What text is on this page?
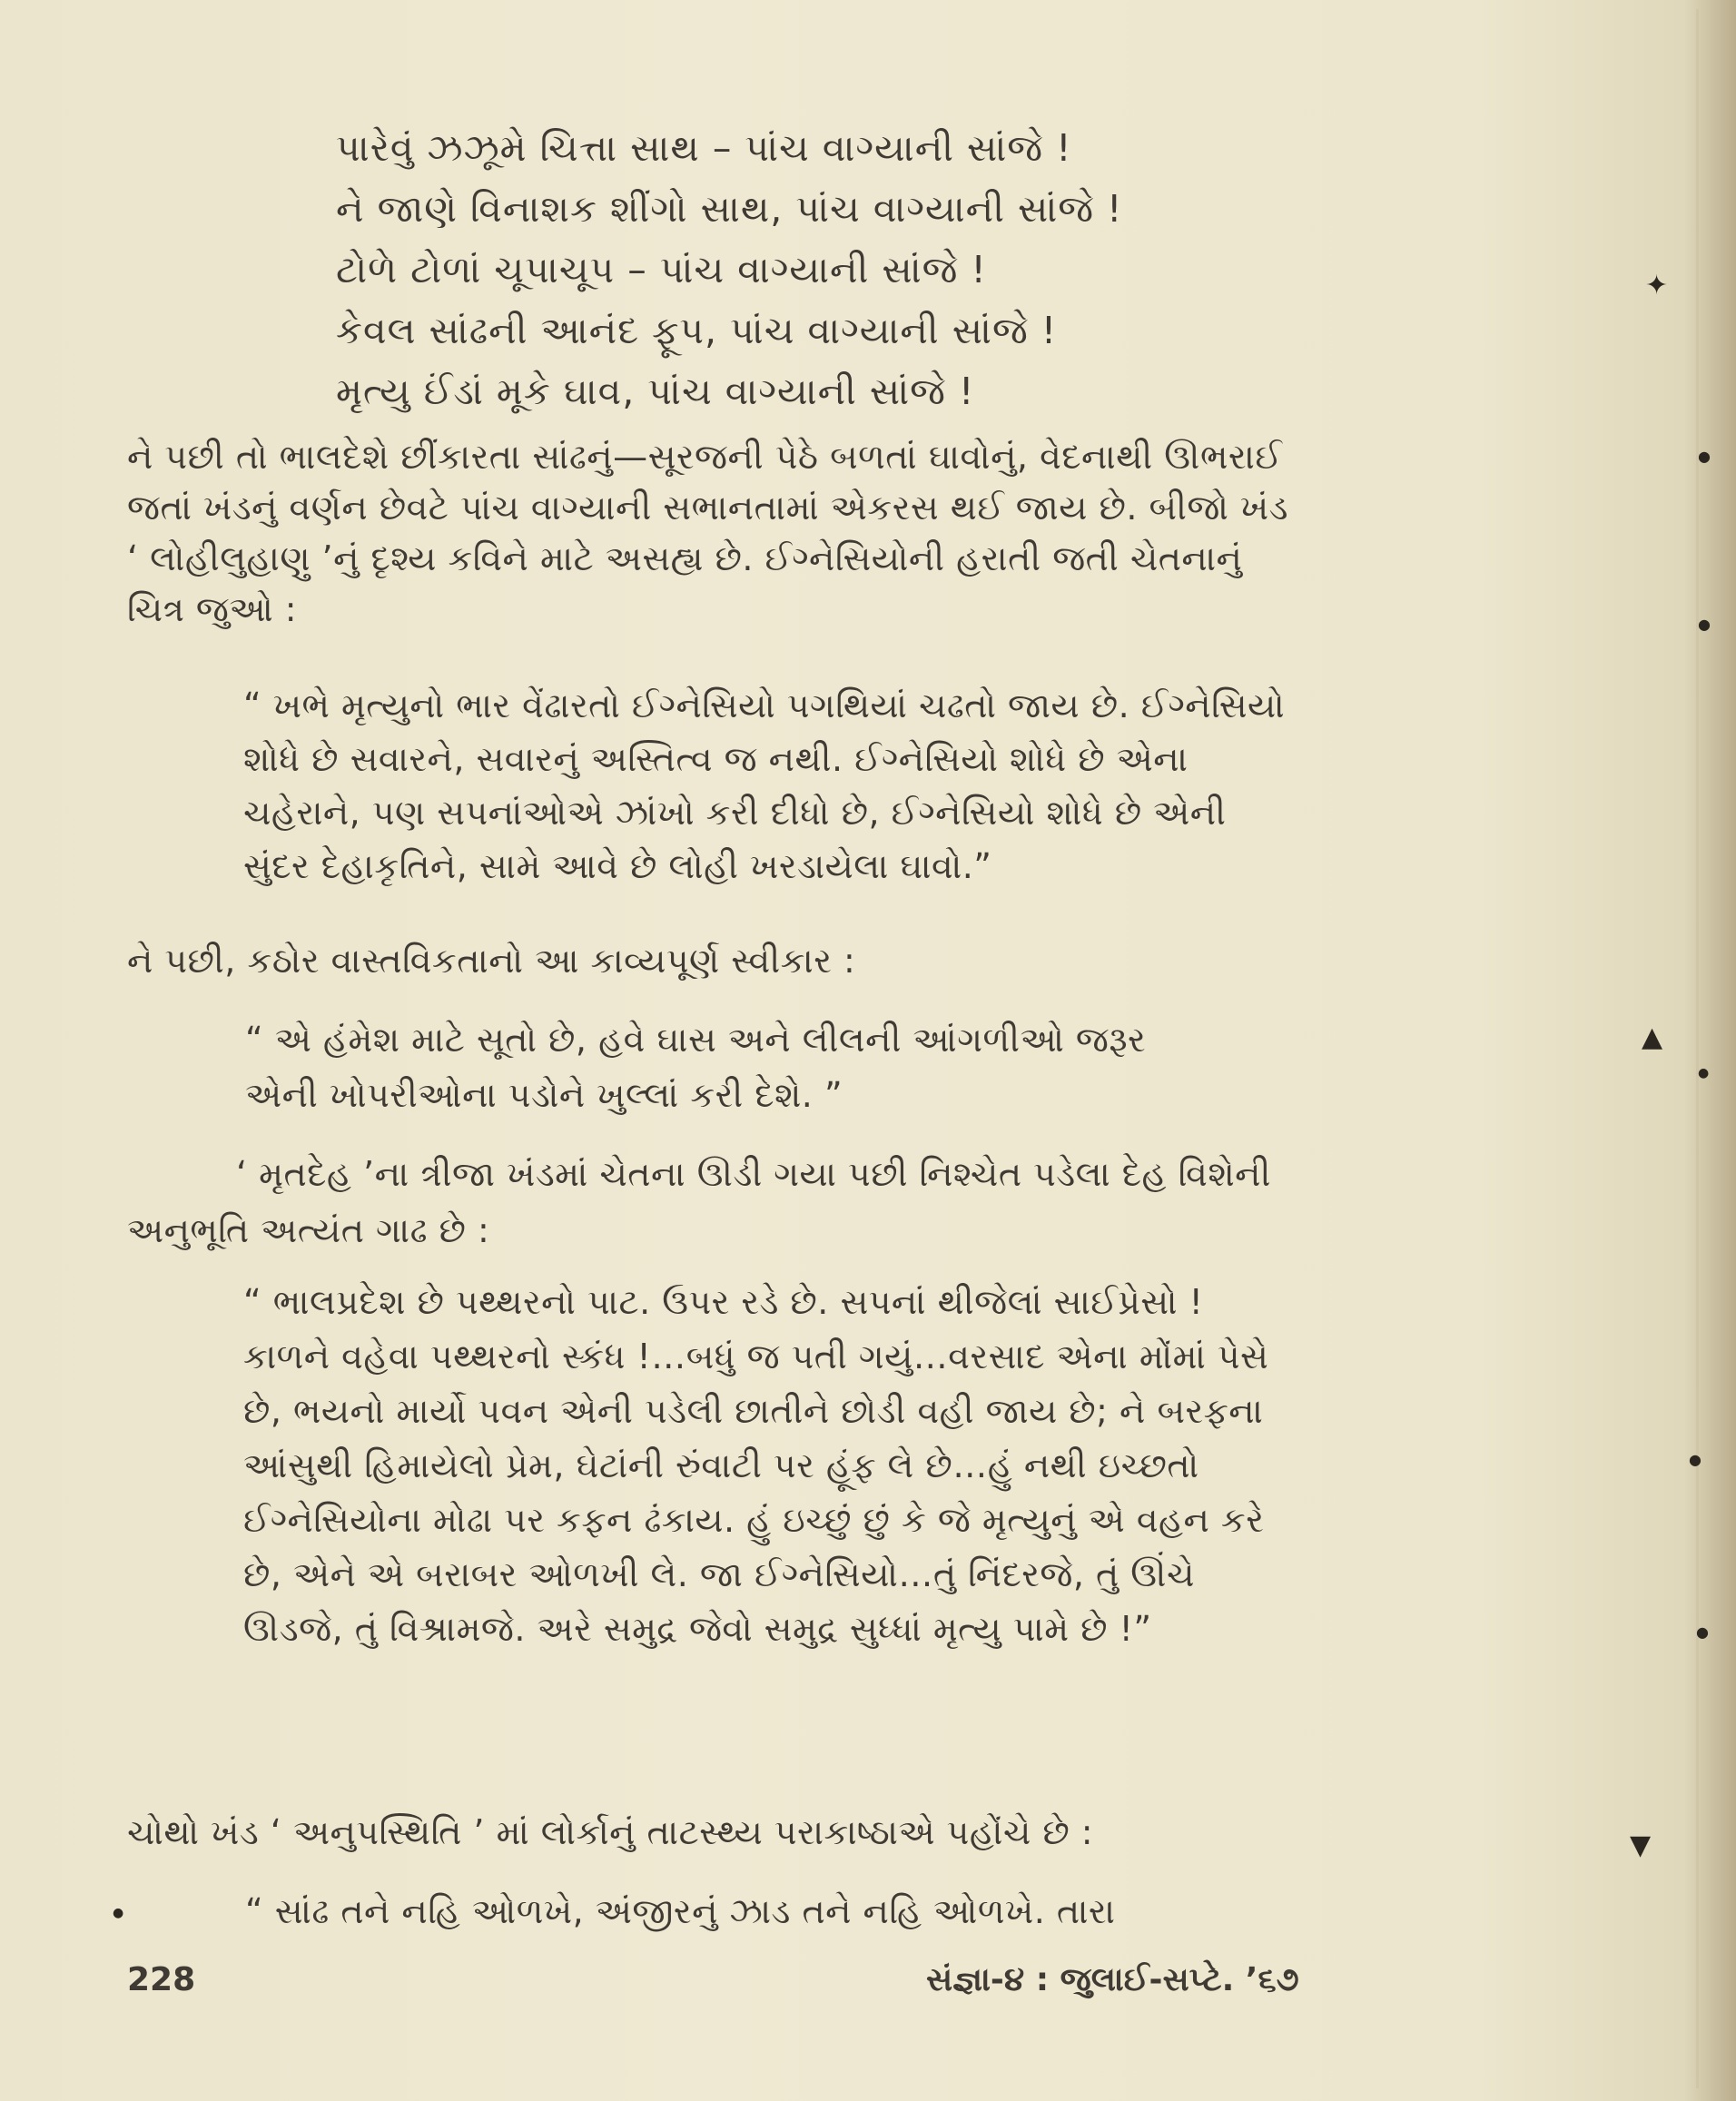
પારેવું ઝઝૂમે ચિત્તા સાથ – પાંચ વાગ્યાની સાંજે !

ને જાણે વિનાશક શીંગો સાથ, પાંચ વાગ્યાની સાંજે !

ટોળે ટોળાં ચૂપાચૂપ – પાંચ વાગ્યાની સાંજે !

કેવલ સાંઢની આનંદ ફૂપ, પાંચ વાગ્યાની સાંજે !

મૃત્યુ ઈંડાં મૂકે ઘાવ, પાંચ વાગ્યાની સાંજે !

ને પછી તો ભાલદેશે છીંકારતા સાંઢનું—સૂરજની પેઠે બળતાં ઘાવોનું, વેદનાથી ઊભરાઈ જતાં ખંડનું વર્ણન છેવટે પાંચ વાગ્યાની સભાનતામાં એકરસ થઈ જાય છે. બીજો ખંડ ‘ લોહીલુહાણુ ’નું દૃશ્ય કવિને માટે અસહ્ય છે. ઈગ્નેસિયોની હરાતી જતી ચેતનાનું ચિત્ર જુઓ :

“ ખભે મૃત્યુનો ભાર વેંઢારતો ઈગ્નેસિયો પગથિયાં ચઢતો જાય છે. ઈગ્નેસિયો શોધે છે સવારને, સવારનું અસ્તિત્વ જ નથી. ઈગ્નેસિયો શોધે છે એના ચહેરાને, પણ સપનાંઓએ ઝાંખો કરી દીધો છે, ઈગ્નેસિયો શોધે છે એની સુંદર દેહાકૃતિને, સામે આવે છે લોહી ખરડાયેલા ઘાવો.”

ને પછી, કઠોર વાસ્તવિકતાનો આ કાવ્યપૂર્ણ સ્વીકાર :

“ એ હંમેશ માટે સૂતો છે, હવે ઘાસ અને લીલની આંગળીઓ જરૂર એની ખોપરીઓના પડોને ખુલ્લાં કરી દેશે. ”

‘ મૃતદેહ ’ના ત્રીજા ખંડમાં ચેતના ઊડી ગયા પછી નિશ્ચેત પડેલા દેહ વિશેની અનુભૂતિ અત્યંત ગાઢ છે :

“ ભાલપ્રદેશ છે પથ્થરનો પાટ. ઉપર રડે છે. સપનાં થીજેલાં સાઈપ્રેસો ! કાળને વહેવા પથ્થરનો સ્કંધ !…બધું જ પતી ગયું…વરસાદ એના મોંમાં પેસે છે, ભયનો માર્યો પવન એની પડેલી છાતીને છોડી વહી જાય છે; ને બરફના આંસુથી હિમાયેલો પ્રેમ, ઘેટાંની રુંવાટી પર હૂંફ લે છે…હું નથી ઇચ્છતો ઈગ્નેસિયોના મોઢા પર કફન ઢંકાય. હું ઇચ્છું છું કે જે મૃત્યુનું એ વહન કરે છે, એને એ બરાબર ઓળખી લે. જા ઈગ્નેસિયો…તું નિંદરજે, તું ઊંચે ઊડજે, તું વિશ્રામજે. અરે સમુદ્ર જેવો સમુદ્ર સુધ્ધાં મૃત્યુ પામે છે !”

ચોથો ખંડ ‘ અનુપસ્થિતિ ’ માં લોર્કાનું તાટસ્થ્ય પરાકાષ્ઠાએ પહોંચે છે :

“ સાંઢ તને નહિ ઓળખે, અંજીરનું ઝાડ તને નહિ ઓળખે. તારા

228	સંજ્ઞા-૪ : જુલાઈ-સપ્ટે. ’૬૭
✦
●
●
▲
●
●
●
▼
●
